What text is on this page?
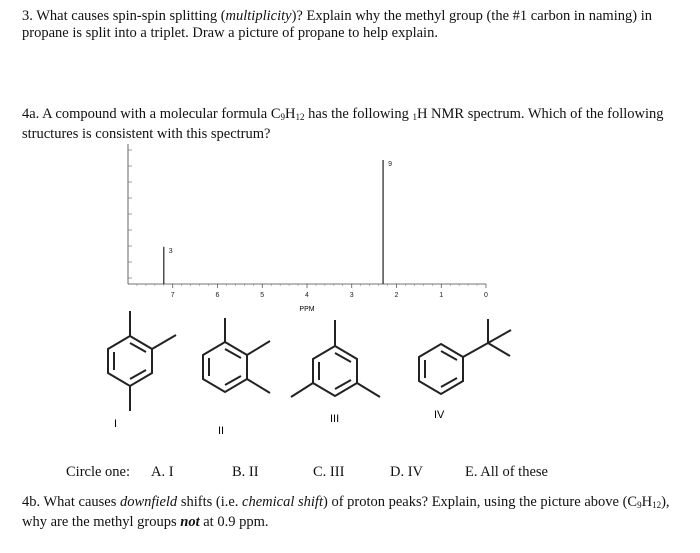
3. What causes spin-spin splitting (multiplicity)? Explain why the methyl group (the #1 carbon in naming) in propane is split into a triplet. Draw a picture of propane to help explain.
4a. A compound with a molecular formula $C_9H_{12}$ has the following $_1$H NMR spectrum. Which of the following structures is consistent with this spectrum?
7	6	5	4	3	2	1	0
3
9
PPM
I
II
III	IV
Circle one: A. I	B. II	C. III	D. IV	E. All of these
4b. What causes downfield shifts (i.e. chemical shift) of proton peaks? Explain, using the picture above $(C_9H_{12})$, why are the methyl groups not at 0.9 ppm.
